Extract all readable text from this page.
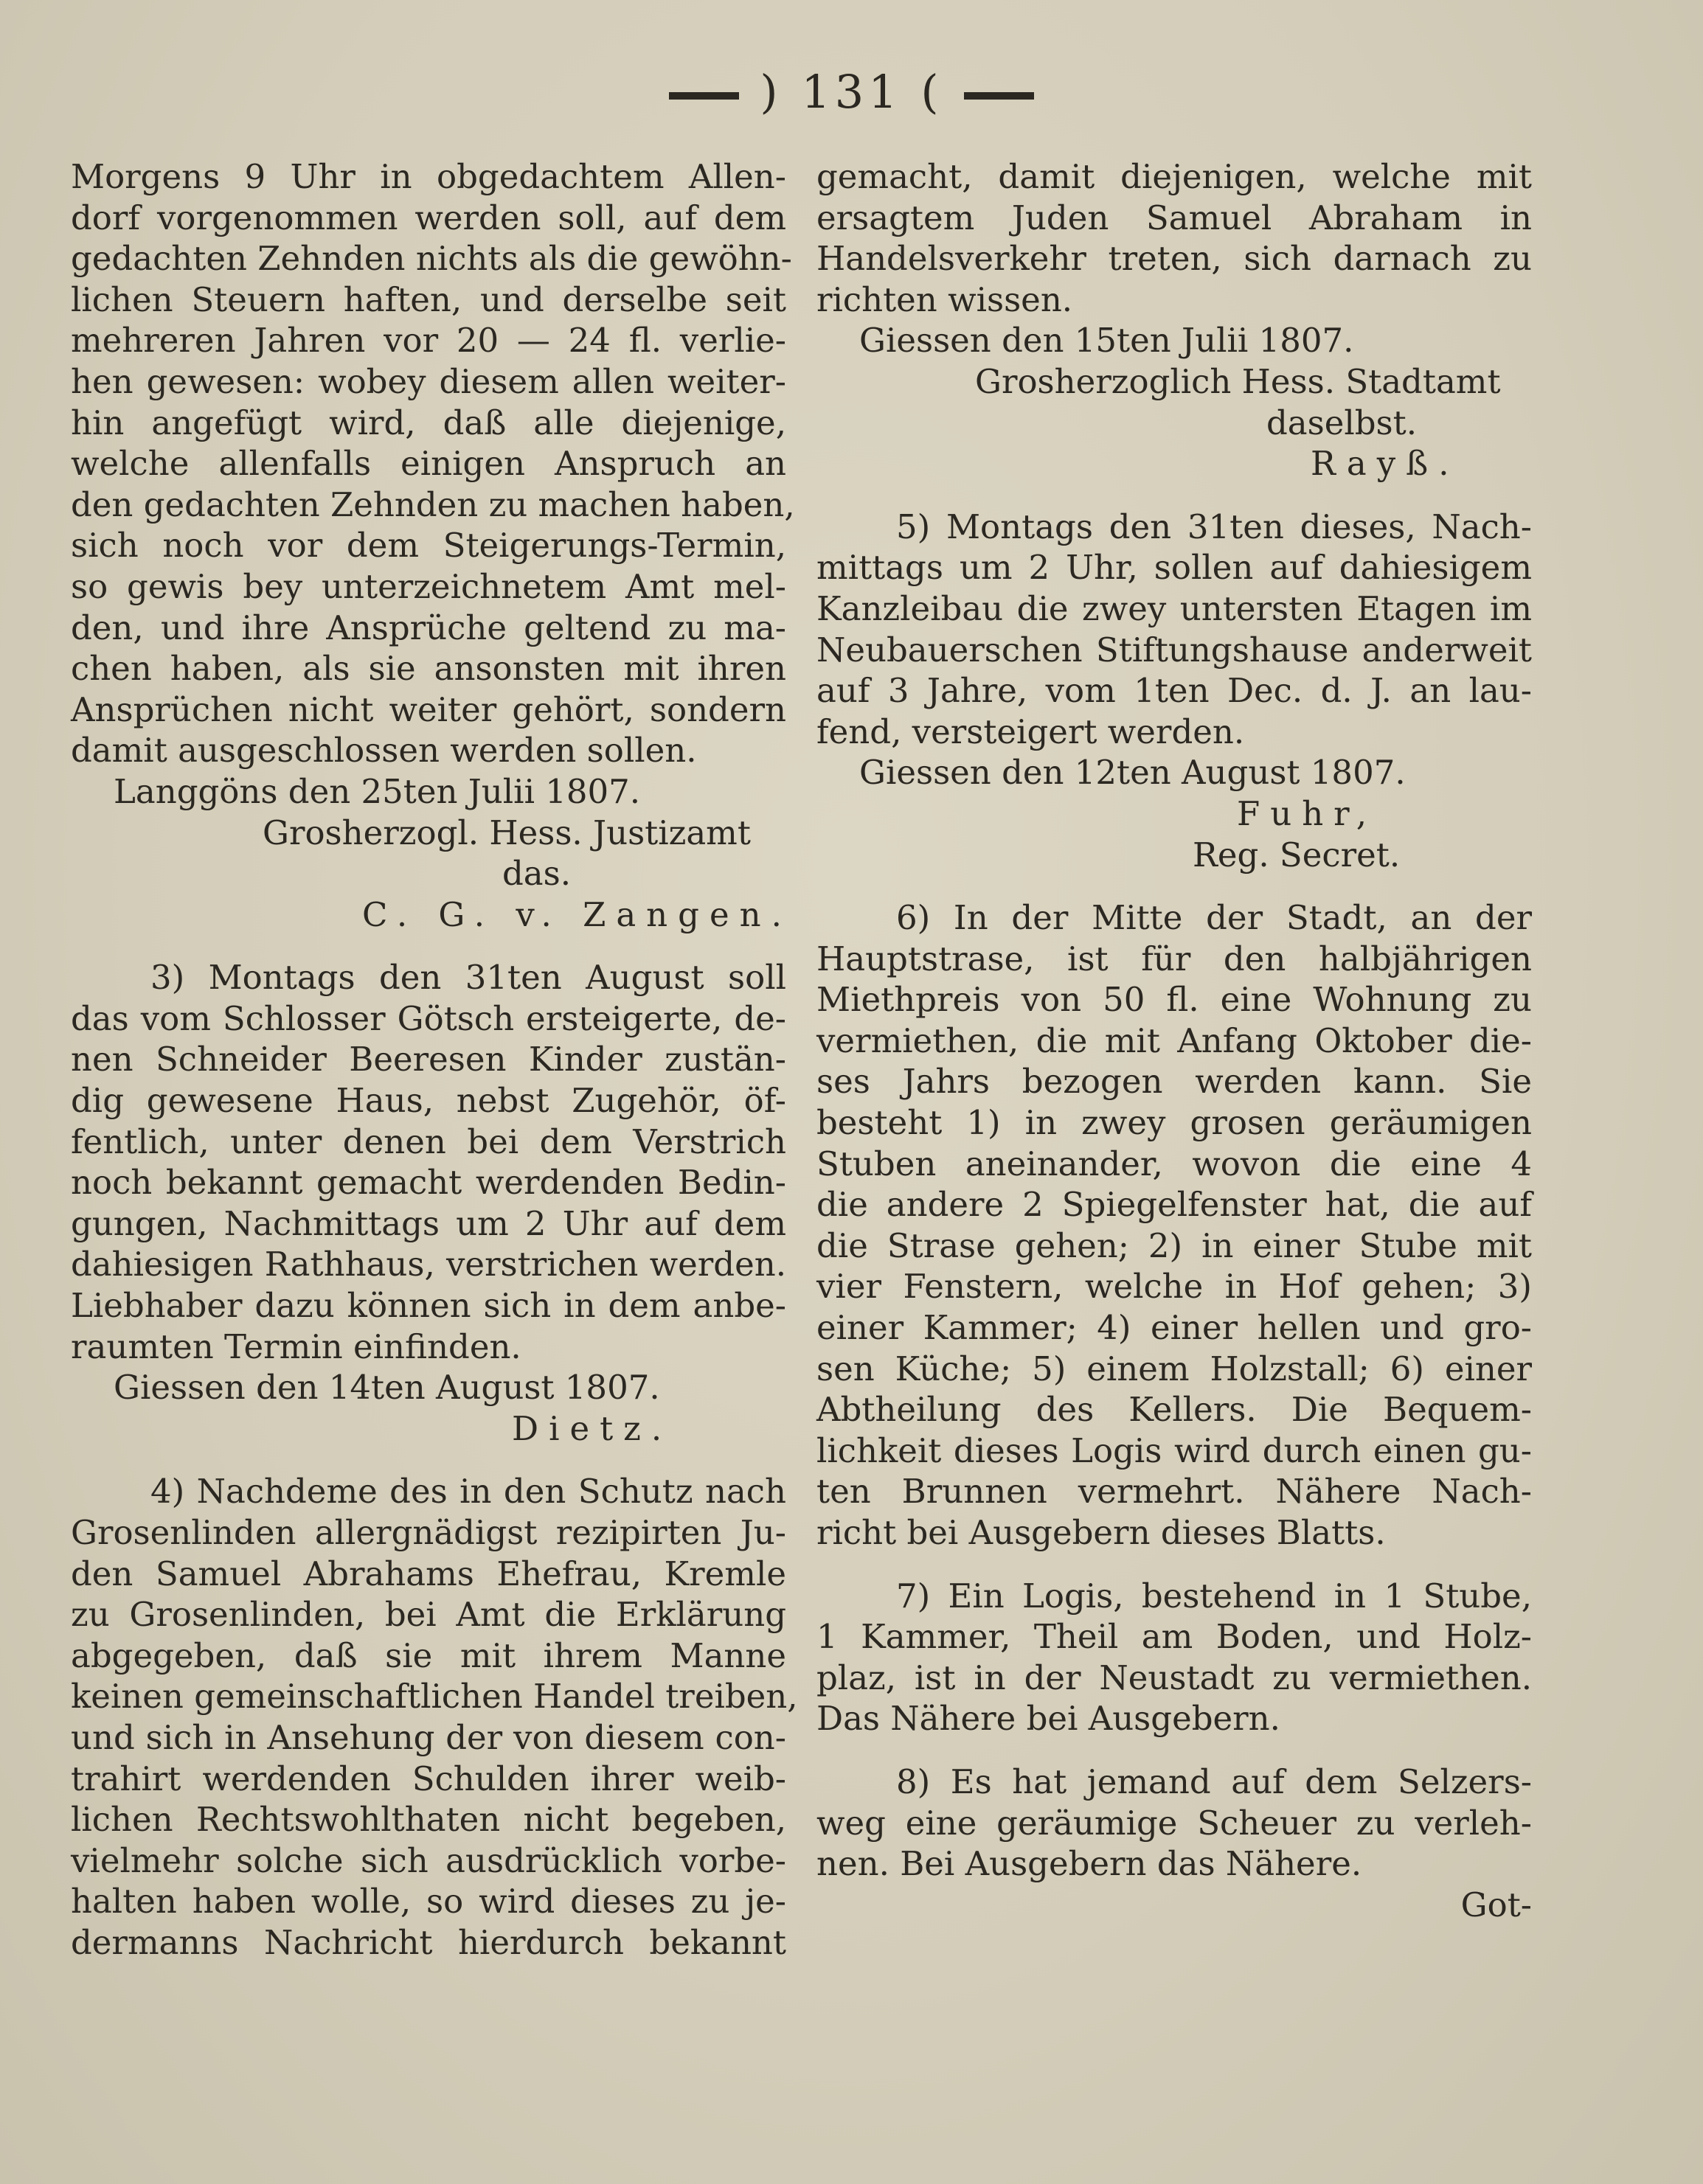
) 131 (
Morgens 9 Uhr in obgedachtem Allen-
dorf vorgenommen werden soll, auf dem
gedachten Zehnden nichts als die gewöhn-
lichen Steuern haften, und derselbe seit
mehreren Jahren vor 20 — 24 fl. verlie-
hen gewesen: wobey diesem allen weiter-
hin angefügt wird, daß alle diejenige,
welche allenfalls einigen Anspruch an
den gedachten Zehnden zu machen haben,
sich noch vor dem Steigerungs-Termin,
so gewis bey unterzeichnetem Amt mel-
den, und ihre Ansprüche geltend zu ma-
chen haben, als sie ansonsten mit ihren
Ansprüchen nicht weiter gehört, sondern
damit ausgeschlossen werden sollen.
Langgöns den 25ten Julii 1807.
Grosherzogl. Hess. Justizamt
das.
C. G. v. Zangen.
3) Montags den 31ten August soll
das vom Schlosser Götsch ersteigerte, de-
nen Schneider Beeresen Kinder zustän-
dig gewesene Haus, nebst Zugehör, öf-
fentlich, unter denen bei dem Verstrich
noch bekannt gemacht werdenden Bedin-
gungen, Nachmittags um 2 Uhr auf dem
dahiesigen Rathhaus, verstrichen werden.
Liebhaber dazu können sich in dem anbe-
raumten Termin einfinden.
Giessen den 14ten August 1807.
Dietz.
4) Nachdeme des in den Schutz nach
Grosenlinden allergnädigst rezipirten Ju-
den Samuel Abrahams Ehefrau, Kremle
zu Grosenlinden, bei Amt die Erklärung
abgegeben, daß sie mit ihrem Manne
keinen gemeinschaftlichen Handel treiben,
und sich in Ansehung der von diesem con-
trahirt werdenden Schulden ihrer weib-
lichen Rechtswohlthaten nicht begeben,
vielmehr solche sich ausdrücklich vorbe-
halten haben wolle, so wird dieses zu je-
dermanns Nachricht hierdurch bekannt
gemacht, damit diejenigen, welche mit
ersagtem Juden Samuel Abraham in
Handelsverkehr treten, sich darnach zu
richten wissen.
Giessen den 15ten Julii 1807.
Grosherzoglich Hess. Stadtamt
daselbst.
Rayß.
5) Montags den 31ten dieses, Nach-
mittags um 2 Uhr, sollen auf dahiesigem
Kanzleibau die zwey untersten Etagen im
Neubauerschen Stiftungshause anderweit
auf 3 Jahre, vom 1ten Dec. d. J. an lau-
fend, versteigert werden.
Giessen den 12ten August 1807.
Fuhr,
Reg. Secret.
6) In der Mitte der Stadt, an der
Hauptstrase, ist für den halbjährigen
Miethpreis von 50 fl. eine Wohnung zu
vermiethen, die mit Anfang Oktober die-
ses Jahrs bezogen werden kann. Sie
besteht 1) in zwey grosen geräumigen
Stuben aneinander, wovon die eine 4
die andere 2 Spiegelfenster hat, die auf
die Strase gehen; 2) in einer Stube mit
vier Fenstern, welche in Hof gehen; 3)
einer Kammer; 4) einer hellen und gro-
sen Küche; 5) einem Holzstall; 6) einer
Abtheilung des Kellers. Die Bequem-
lichkeit dieses Logis wird durch einen gu-
ten Brunnen vermehrt. Nähere Nach-
richt bei Ausgebern dieses Blatts.
7) Ein Logis, bestehend in 1 Stube,
1 Kammer, Theil am Boden, und Holz-
plaz, ist in der Neustadt zu vermiethen.
Das Nähere bei Ausgebern.
8) Es hat jemand auf dem Selzers-
weg eine geräumige Scheuer zu verleh-
nen. Bei Ausgebern das Nähere.
Got-
